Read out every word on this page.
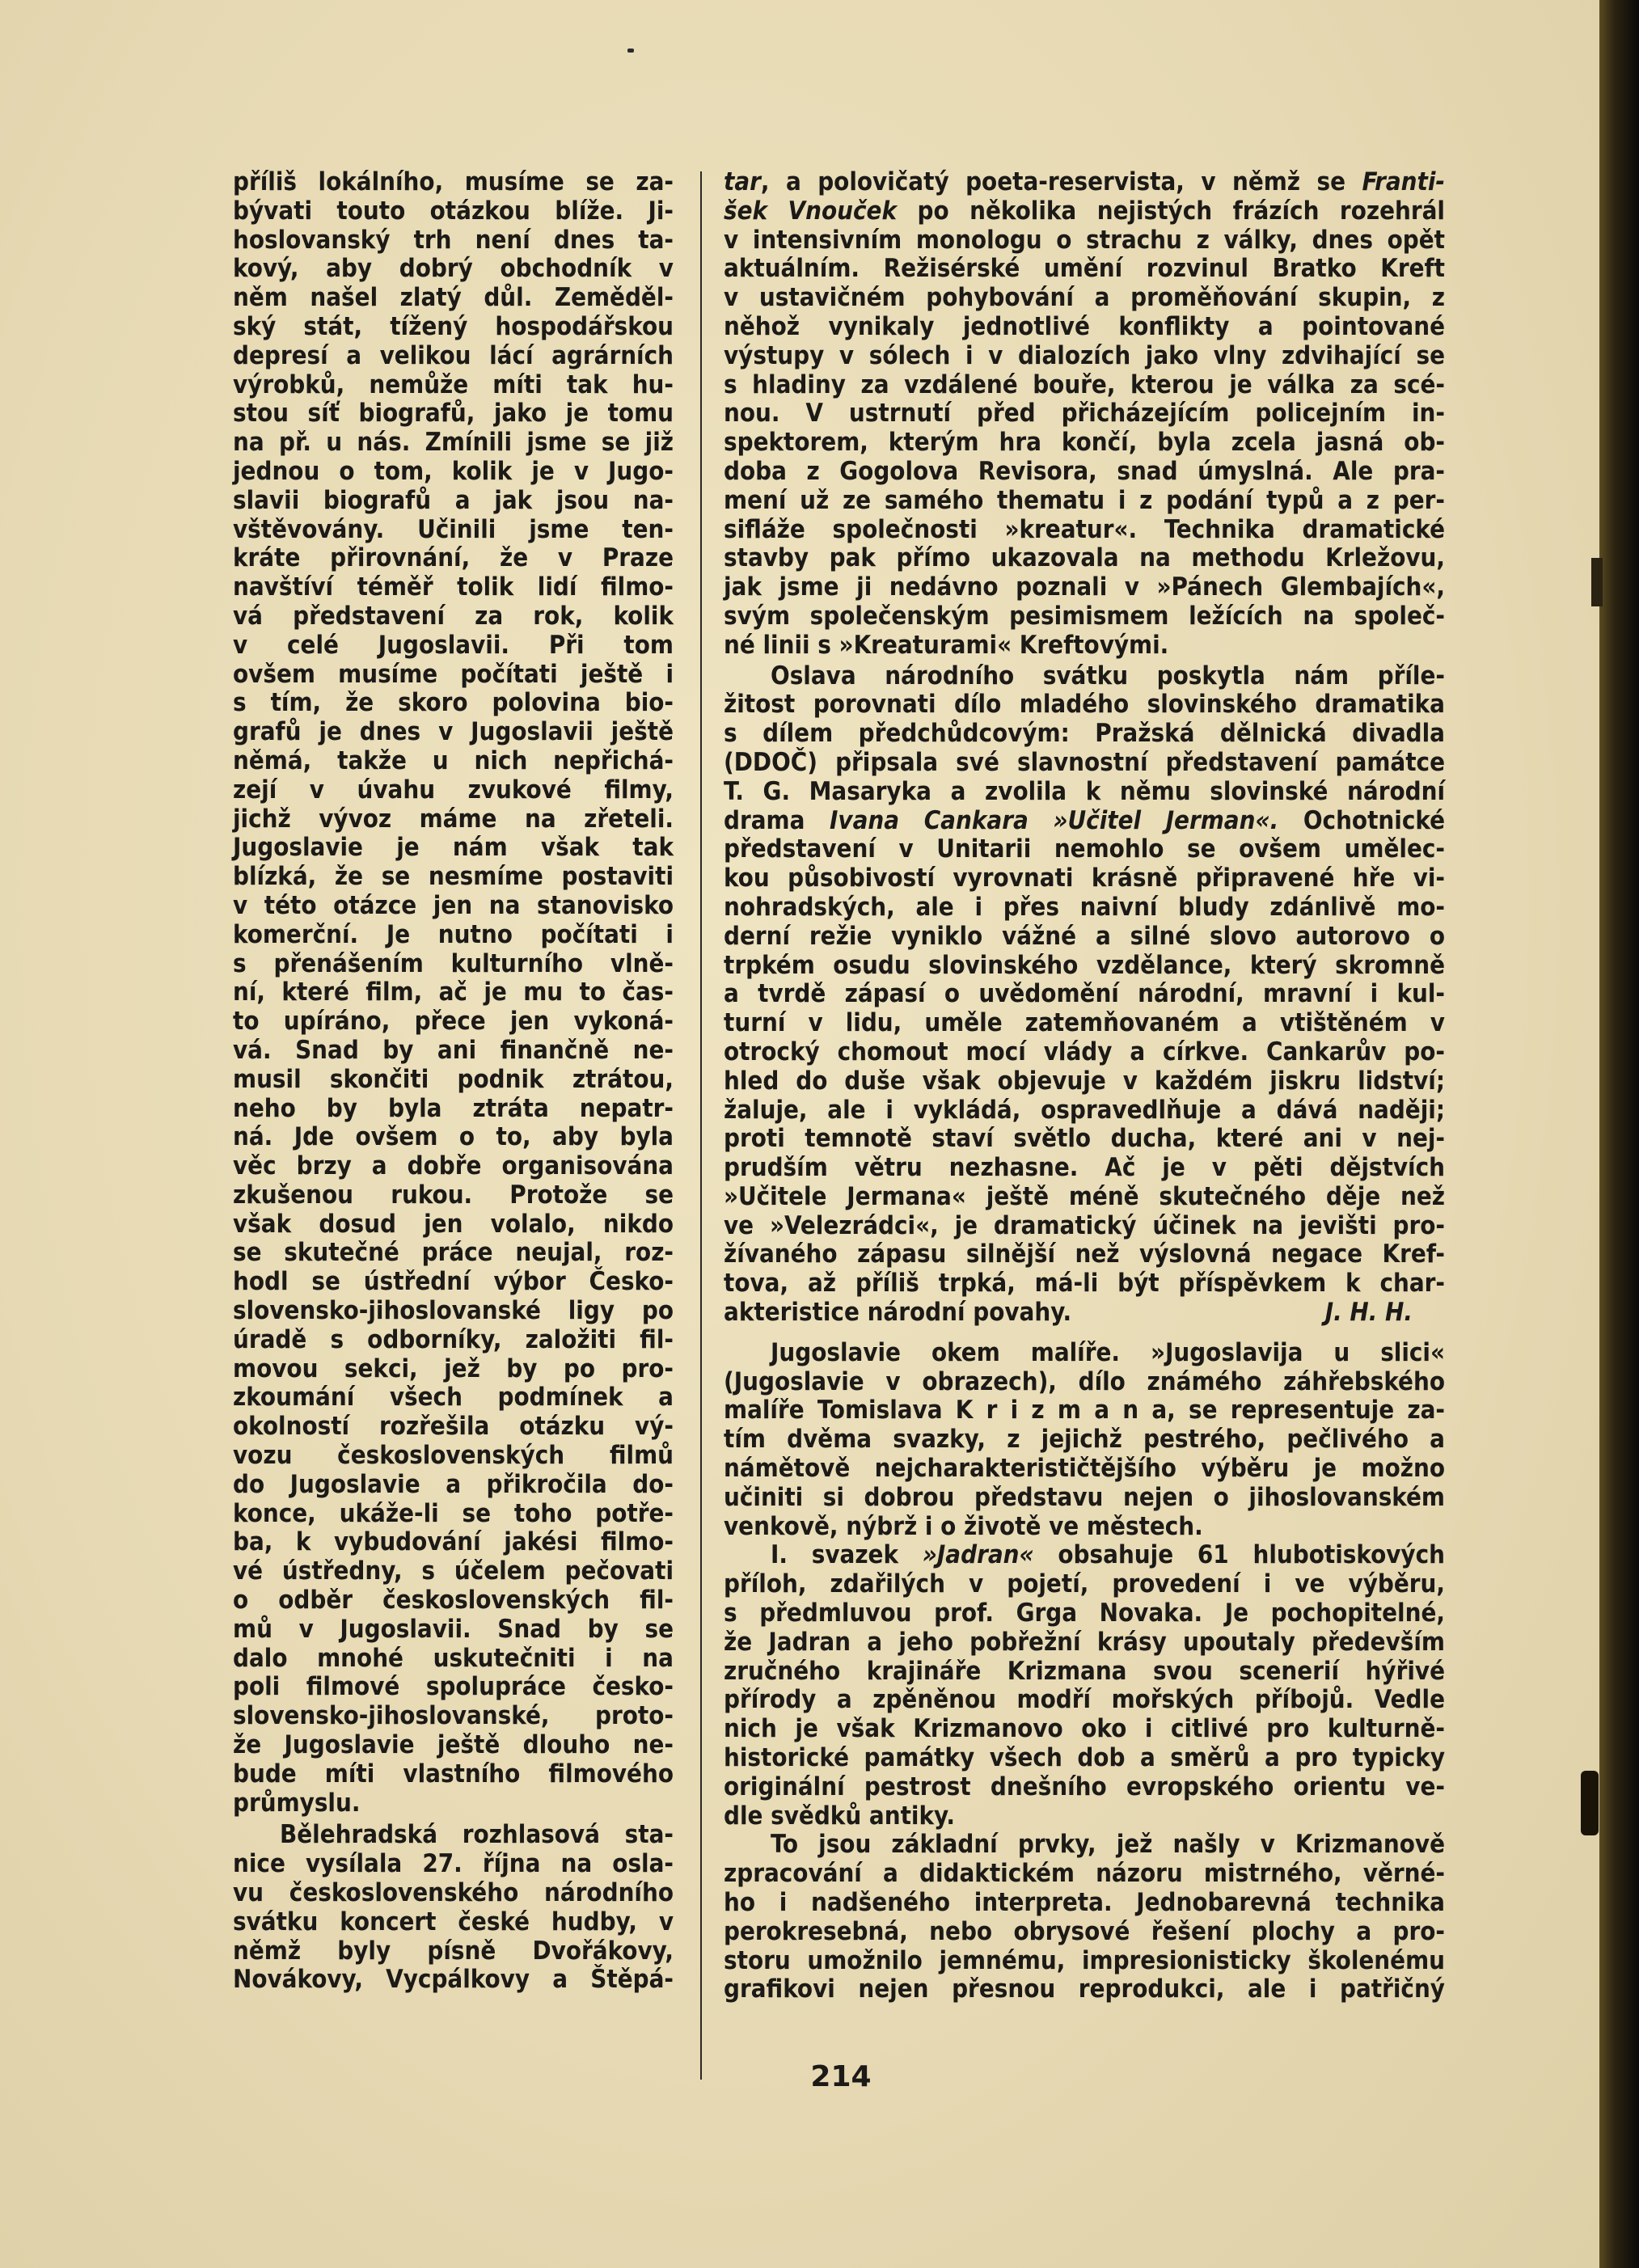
příliš lokálního, musíme se za-
bývati touto otázkou blíže. Ji-
hoslovanský trh není dnes ta-
kový, aby dobrý obchodník v
něm našel zlatý důl. Zeměděl-
ský stát, tížený hospodářskou
depresí a velikou lácí agrárních
výrobků, nemůže míti tak hu-
stou síť biografů, jako je tomu
na př. u nás. Zmínili jsme se již
jednou o tom, kolik je v Jugo-
slavii biografů a jak jsou na-
vštěvovány. Učinili jsme ten-
kráte přirovnání, že v Praze
navštíví téměř tolik lidí filmo-
vá představení za rok, kolik
v celé Jugoslavii. Při tom
ovšem musíme počítati ještě i
s tím, že skoro polovina bio-
grafů je dnes v Jugoslavii ještě
němá, takže u nich nepřichá-
zejí v úvahu zvukové filmy,
jichž vývoz máme na zřeteli.
Jugoslavie je nám však tak
blízká, že se nesmíme postaviti
v této otázce jen na stanovisko
komerční. Je nutno počítati i
s přenášením kulturního vlně-
ní, které film, ač je mu to čas-
to upíráno, přece jen vykoná-
vá. Snad by ani finančně ne-
musil skončiti podnik ztrátou,
neho by byla ztráta nepatr-
ná. Jde ovšem o to, aby byla
věc brzy a dobře organisována
zkušenou rukou. Protože se
však dosud jen volalo, nikdo
se skutečné práce neujal, roz-
hodl se ústřední výbor Česko-
slovensko-jihoslovanské ligy po
úradě s odborníky, založiti fil-
movou sekci, jež by po pro-
zkoumání všech podmínek a
okolností rozřešila otázku vý-
vozu československých filmů
do Jugoslavie a přikročila do-
konce, ukáže-li se toho potře-
ba, k vybudování jakési filmo-
vé ústředny, s účelem pečovati
o odběr československých fil-
mů v Jugoslavii. Snad by se
dalo mnohé uskutečniti i na
poli filmové spolupráce česko-
slovensko-jihoslovanské, proto-
že Jugoslavie ještě dlouho ne-
bude míti vlastního filmového
průmyslu.
Bělehradská rozhlasová sta-
nice vysílala 27. října na osla-
vu československého národního
svátku koncert české hudby, v
němž byly písně Dvořákovy,
Novákovy, Vycpálkovy a Štěpá-
tar, a polovičatý poeta-reservista, v němž se Franti-
šek Vnouček po několika nejistých frázích rozehrál
v intensivním monologu o strachu z války, dnes opět
aktuálním. Režisérské umění rozvinul Bratko Kreft
v ustavičném pohybování a proměňování skupin, z
něhož vynikaly jednotlivé konflikty a pointované
výstupy v sólech i v dialozích jako vlny zdvihající se
s hladiny za vzdálené bouře, kterou je válka za scé-
nou. V ustrnutí před přicházejícím policejním in-
spektorem, kterým hra končí, byla zcela jasná ob-
doba z Gogolova Revisora, snad úmyslná. Ale pra-
mení už ze samého thematu i z podání typů a z per-
sifláže společnosti »kreatur«. Technika dramatické
stavby pak přímo ukazovala na methodu Krležovu,
jak jsme ji nedávno poznali v »Pánech Glembajích«,
svým společenským pesimismem ležících na společ-
né linii s »Kreaturami« Kreftovými.
Oslava národního svátku poskytla nám příle-
žitost porovnati dílo mladého slovinského dramatika
s dílem předchůdcovým: Pražská dělnická divadla
(DDOČ) připsala své slavnostní představení památce
T. G. Masaryka a zvolila k němu slovinské národní
drama Ivana Cankara »Učitel Jerman«. Ochotnické
představení v Unitarii nemohlo se ovšem umělec-
kou působivostí vyrovnati krásně připravené hře vi-
nohradských, ale i přes naivní bludy zdánlivě mo-
derní režie vyniklo vážné a silné slovo autorovo o
trpkém osudu slovinského vzdělance, který skromně
a tvrdě zápasí o uvědomění národní, mravní i kul-
turní v lidu, uměle zatemňovaném a vtištěném v
otrocký chomout mocí vlády a církve. Cankarův po-
hled do duše však objevuje v každém jiskru lidství;
žaluje, ale i vykládá, ospravedlňuje a dává naději;
proti temnotě staví světlo ducha, které ani v nej-
prudším větru nezhasne. Ač je v pěti dějstvích
»Učitele Jermana« ještě méně skutečného děje než
ve »Velezrádci«, je dramatický účinek na jevišti pro-
žívaného zápasu silnější než výslovná negace Kref-
tova, až příliš trpká, má-li být příspěvkem k char-
akteristice národní povahy.	J. H. H.
Jugoslavie okem malíře. »Jugoslavija u slici«
(Jugoslavie v obrazech), dílo známého záhřebského
malíře Tomislava K r i z m a n a, se representuje za-
tím dvěma svazky, z jejichž pestrého, pečlivého a
námětově nejcharakterističtějšího výběru je možno
učiniti si dobrou představu nejen o jihoslovanském
venkově, nýbrž i o životě ve městech.
I. svazek »Jadran« obsahuje 61 hlubotiskových
příloh, zdařilých v pojetí, provedení i ve výběru,
s předmluvou prof. Grga Novaka. Je pochopitelné,
že Jadran a jeho pobřežní krásy upoutaly především
zručného krajináře Krizmana svou scenerií hýřivé
přírody a zpěněnou modří mořských příbojů. Vedle
nich je však Krizmanovo oko i citlivé pro kulturně-
historické památky všech dob a směrů a pro typicky
originální pestrost dnešního evropského orientu ve-
dle svědků antiky.
To jsou základní prvky, jež našly v Krizmanově
zpracování a didaktickém názoru mistrného, věrné-
ho i nadšeného interpreta. Jednobarevná technika
perokresebná, nebo obrysové řešení plochy a pro-
storu umožnilo jemnému, impresionisticky školenému
grafikovi nejen přesnou reprodukci, ale i patřičný
214
